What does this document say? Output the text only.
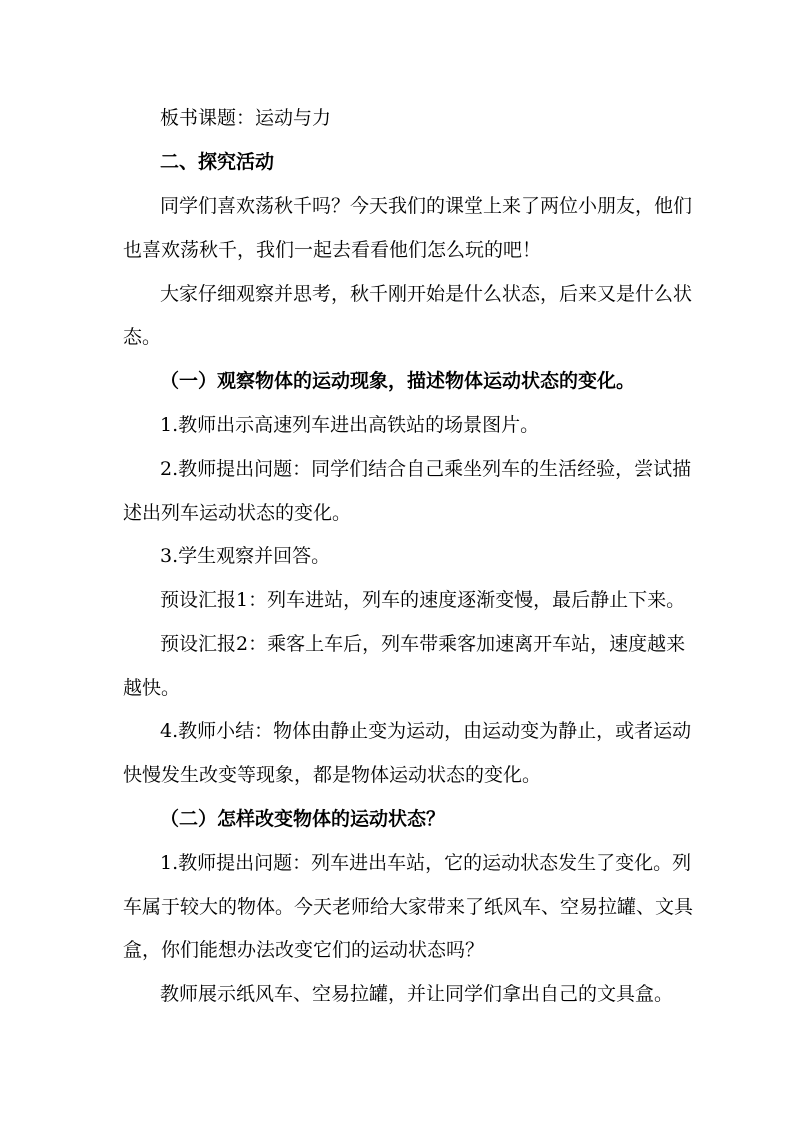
板书课题：运动与力
二、探究活动
同学们喜欢荡秋千吗？今天我们的课堂上来了两位小朋友，他们
也喜欢荡秋千，我们一起去看看他们怎么玩的吧！
大家仔细观察并思考，秋千刚开始是什么状态，后来又是什么状
态。
（一）观察物体的运动现象，描述物体运动状态的变化。
1.教师出示高速列车进出高铁站的场景图片。
2.教师提出问题：同学们结合自己乘坐列车的生活经验，尝试描
述出列车运动状态的变化。
3.学生观察并回答。
预设汇报1：列车进站，列车的速度逐渐变慢，最后静止下来。
预设汇报2：乘客上车后，列车带乘客加速离开车站，速度越来
越快。
4.教师小结：物体由静止变为运动，由运动变为静止，或者运动
快慢发生改变等现象，都是物体运动状态的变化。
（二）怎样改变物体的运动状态？
1.教师提出问题：列车进出车站，它的运动状态发生了变化。列
车属于较大的物体。今天老师给大家带来了纸风车、空易拉罐、文具
盒，你们能想办法改变它们的运动状态吗？
教师展示纸风车、空易拉罐，并让同学们拿出自己的文具盒。
